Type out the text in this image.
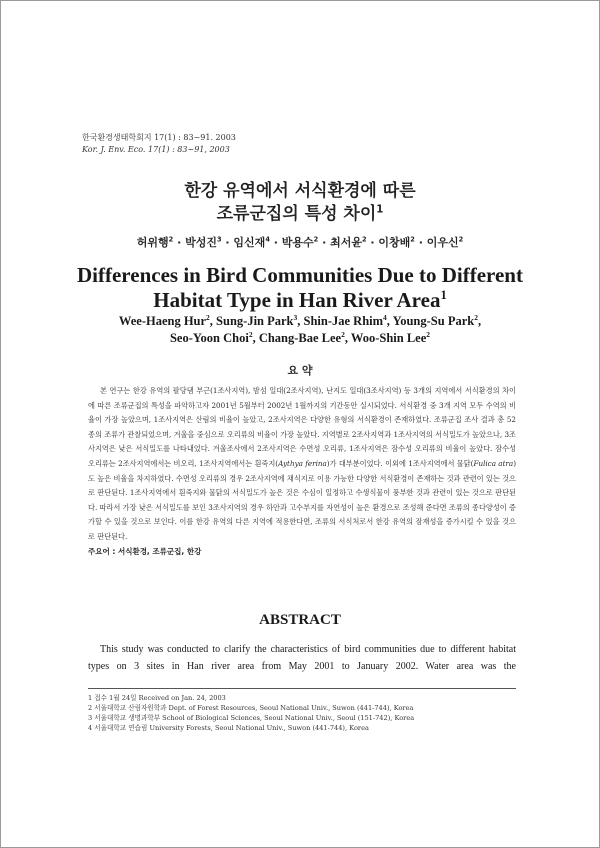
한국환경생태학회지 17(1) : 83~91. 2003
Kor. J. Env. Eco. 17(1) : 83~91, 2003
한강 유역에서 서식환경에 따른
조류군집의 특성 차이$^1$
허위행$^2$ · 박성진$^3$ · 임신재$^4$ · 박용수$^2$ · 최서윤$^2$ · 이창배$^2$ · 이우신$^2$
Differences in Bird Communities Due to Different
Habitat Type in Han River Area$^1$
Wee-Haeng Hur$^2$, Sung-Jin Park$^3$, Shin-Jae Rhim$^4$, Young-Su Park$^2$,
Seo-Yoon Choi$^2$, Chang-Bae Lee$^2$, Woo-Shin Lee$^2$
요 약

본 연구는 한강 유역의 팔당댐 부근(1조사지역), 밤섬 일대(2조사지역), 난지도 일대(3조사지역) 등 3개의 지역에서 서식환경의 차이에 따른 조류군집의 특성을 파악하고자 2001년 5월부터 2002년 1월까지의 기간동안 실시되었다. 서식환경 중 3개 지역 모두 수역의 비율이 가장 높았으며, 1조사지역은 산림의 비율이 높았고, 2조사지역은 다양한 유형의 서식환경이 존재하였다. 조류군집 조사 결과 총 52종의 조류가 관찰되었으며, 겨울을 중심으로 오리류의 비율이 가장 높았다. 지역별로 2조사지역과 1조사지역의 서식밀도가 높았으나, 3조사지역은 낮은 서식밀도를 나타내었다. 겨울조사에서 2조사지역은 수면성 오리류, 1조사지역은 잠수성 오리류의 비율이 높았다. 잠수성 오리류는 2조사지역에서는 비오리, 1조사지역에서는 흰죽지(Aythya ferina)가 대부분이었다. 이외에 1조사지역에서 물닭(Fulica atra)도 높은 비율을 차지하였다. 수면성 오리류의 경우 2조사지역에 채식지로 이용 가능한 다양한 서식환경이 존재하는 것과 관련이 있는 것으로 판단된다. 1조사지역에서 흰죽지와 물닭의 서식밀도가 높은 것은 수심이 일정하고 수생식물이 풍부한 것과 관련이 있는 것으로 판단된다. 따라서 가장 낮은 서식밀도를 보인 3조사지역의 경우 하안과 고수부지를 자연성이 높은 환경으로 조성해 준다면 조류의 종다양성이 증가할 수 있을 것으로 보인다. 이를 한강 유역의 다른 지역에 적용한다면, 조류의 서식처로서 한강 유역의 잠재성을 증가시킬 수 있을 것으로 판단된다.

주요어 : 서식환경, 조류군집, 한강
ABSTRACT

This study was conducted to clarify the characteristics of bird communities due to different habitat types on 3 sites in Han river area from May 2001 to January 2002. Water area was the

1 접수 1월 24일 Received on Jan. 24, 2003
2 서울대학교 산림자원학과 Dept. of Forest Resources, Seoul National Univ., Suwon (441-744), Korea
3 서울대학교 생명과학부 School of Biological Sciences, Seoul National Univ., Seoul (151-742), Korea
4 서울대학교 연습림 University Forests, Seoul National Univ., Suwon (441-744), Korea
